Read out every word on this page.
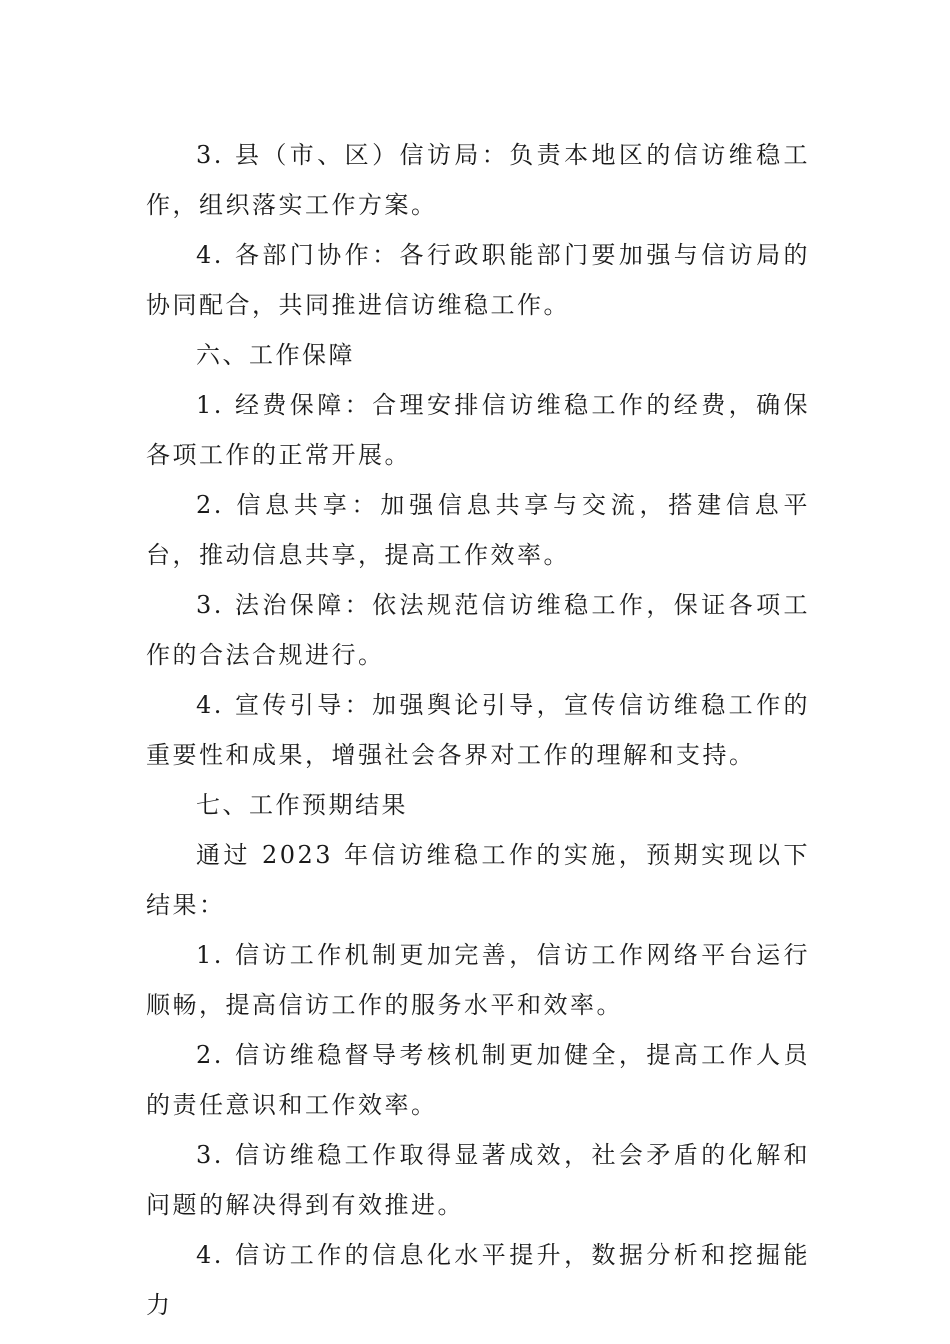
3. 县（市、区）信访局：负责本地区的信访维稳工作，组织落实工作方案。

4. 各部门协作：各行政职能部门要加强与信访局的协同配合，共同推进信访维稳工作。

六、工作保障

1. 经费保障：合理安排信访维稳工作的经费，确保各项工作的正常开展。

2. 信息共享：加强信息共享与交流，搭建信息平台，推动信息共享，提高工作效率。

3. 法治保障：依法规范信访维稳工作，保证各项工作的合法合规进行。

4. 宣传引导：加强舆论引导，宣传信访维稳工作的重要性和成果，增强社会各界对工作的理解和支持。

七、工作预期结果

通过 2023 年信访维稳工作的实施，预期实现以下结果：

1. 信访工作机制更加完善，信访工作网络平台运行顺畅，提高信访工作的服务水平和效率。

2. 信访维稳督导考核机制更加健全，提高工作人员的责任意识和工作效率。

3. 信访维稳工作取得显著成效，社会矛盾的化解和问题的解决得到有效推进。

4. 信访工作的信息化水平提升，数据分析和挖掘能力
